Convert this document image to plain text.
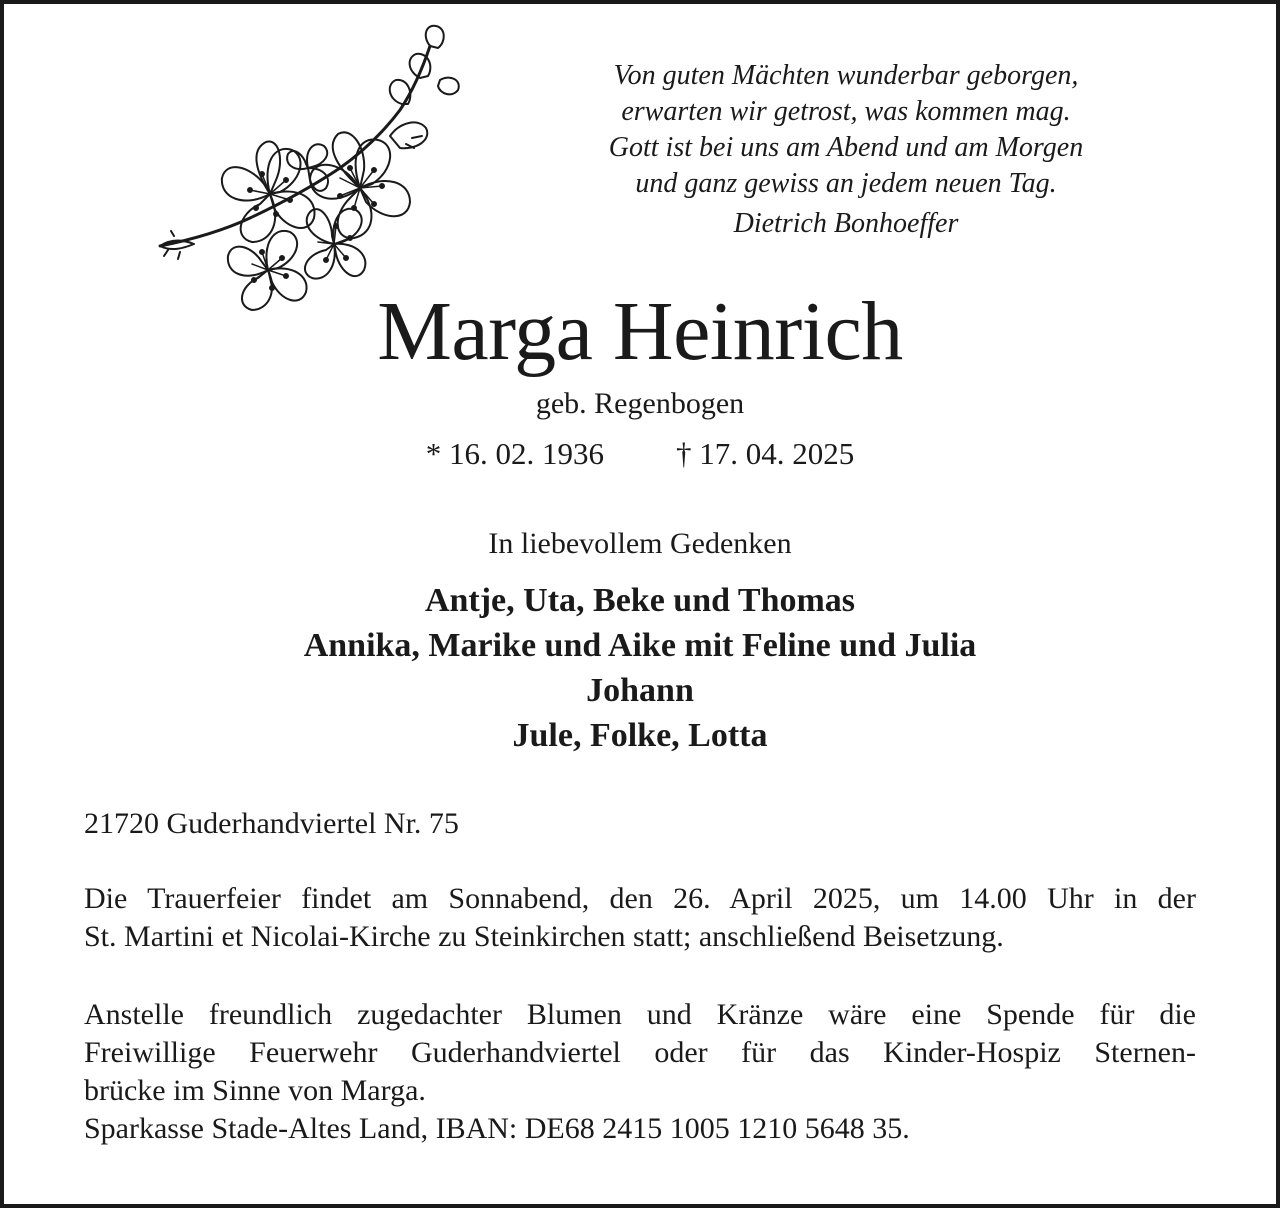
Von guten Mächten wunderbar geborgen,
erwarten wir getrost, was kommen mag.
Gott ist bei uns am Abend und am Morgen
und ganz gewiss an jedem neuen Tag.
Dietrich Bonhoeffer
Marga Heinrich
geb. Regenbogen
* 16. 02. 1936 † 17. 04. 2025
In liebevollem Gedenken
Antje, Uta, Beke und Thomas
Annika, Marike und Aike mit Feline und Julia
Johann
Jule, Folke, Lotta
21720 Guderhandviertel Nr. 75
Die Trauerfeier findet am Sonnabend, den 26. April 2025, um 14.00 Uhr in der
St. Martini et Nicolai-Kirche zu Steinkirchen statt; anschließend Beisetzung.
Anstelle freundlich zugedachter Blumen und Kränze wäre eine Spende für die
Freiwillige Feuerwehr Guderhandviertel oder für das Kinder-Hospiz Sternen-
brücke im Sinne von Marga.
Sparkasse Stade-Altes Land, IBAN: DE68 2415 1005 1210 5648 35.
